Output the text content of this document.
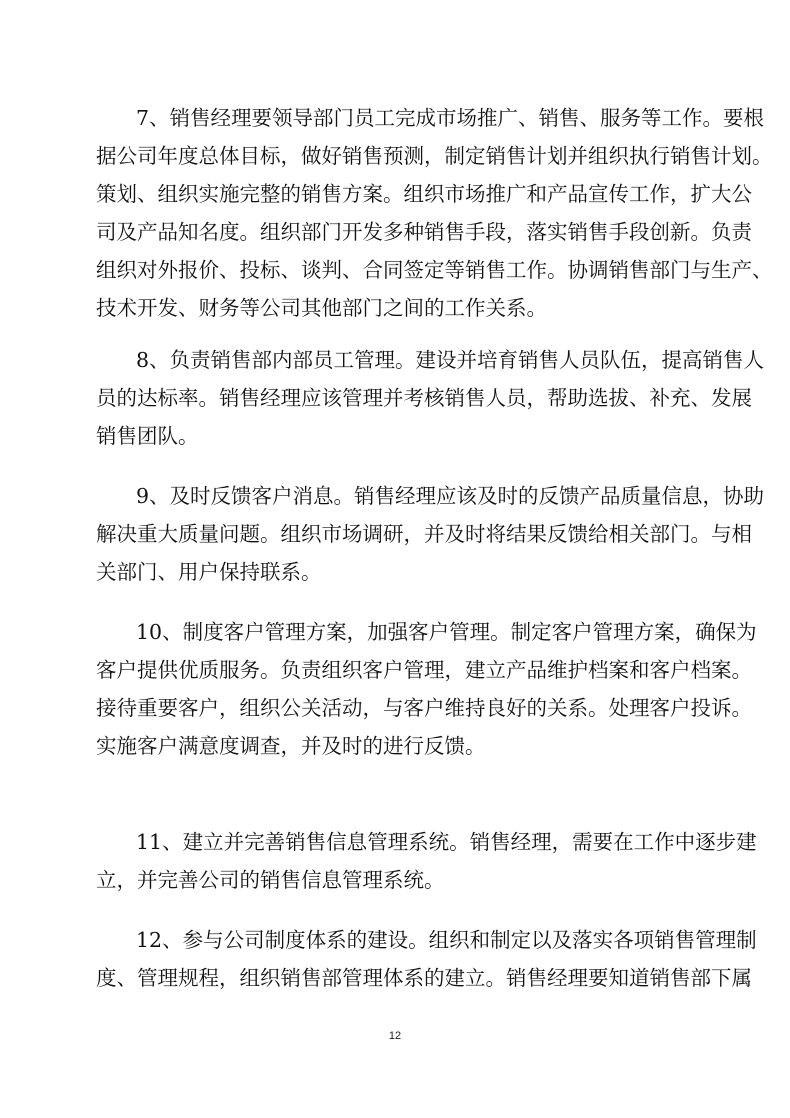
7、销售经理要领导部门员工完成市场推广、销售、服务等工作。要根
据公司年度总体目标，做好销售预测，制定销售计划并组织执行销售计划。
策划、组织实施完整的销售方案。组织市场推广和产品宣传工作，扩大公
司及产品知名度。组织部门开发多种销售手段，落实销售手段创新。负责
组织对外报价、投标、谈判、合同签定等销售工作。协调销售部门与生产、
技术开发、财务等公司其他部门之间的工作关系。
8、负责销售部内部员工管理。建设并培育销售人员队伍，提高销售人
员的达标率。销售经理应该管理并考核销售人员，帮助选拔、补充、发展
销售团队。
9、及时反馈客户消息。销售经理应该及时的反馈产品质量信息，协助
解决重大质量问题。组织市场调研，并及时将结果反馈给相关部门。与相
关部门、用户保持联系。
10、制度客户管理方案，加强客户管理。制定客户管理方案，确保为
客户提供优质服务。负责组织客户管理，建立产品维护档案和客户档案。
接待重要客户，组织公关活动，与客户维持良好的关系。处理客户投诉。
实施客户满意度调查，并及时的进行反馈。
11、建立并完善销售信息管理系统。销售经理，需要在工作中逐步建
立，并完善公司的销售信息管理系统。
12、参与公司制度体系的建设。组织和制定以及落实各项销售管理制
度、管理规程，组织销售部管理体系的建立。销售经理要知道销售部下属
12
